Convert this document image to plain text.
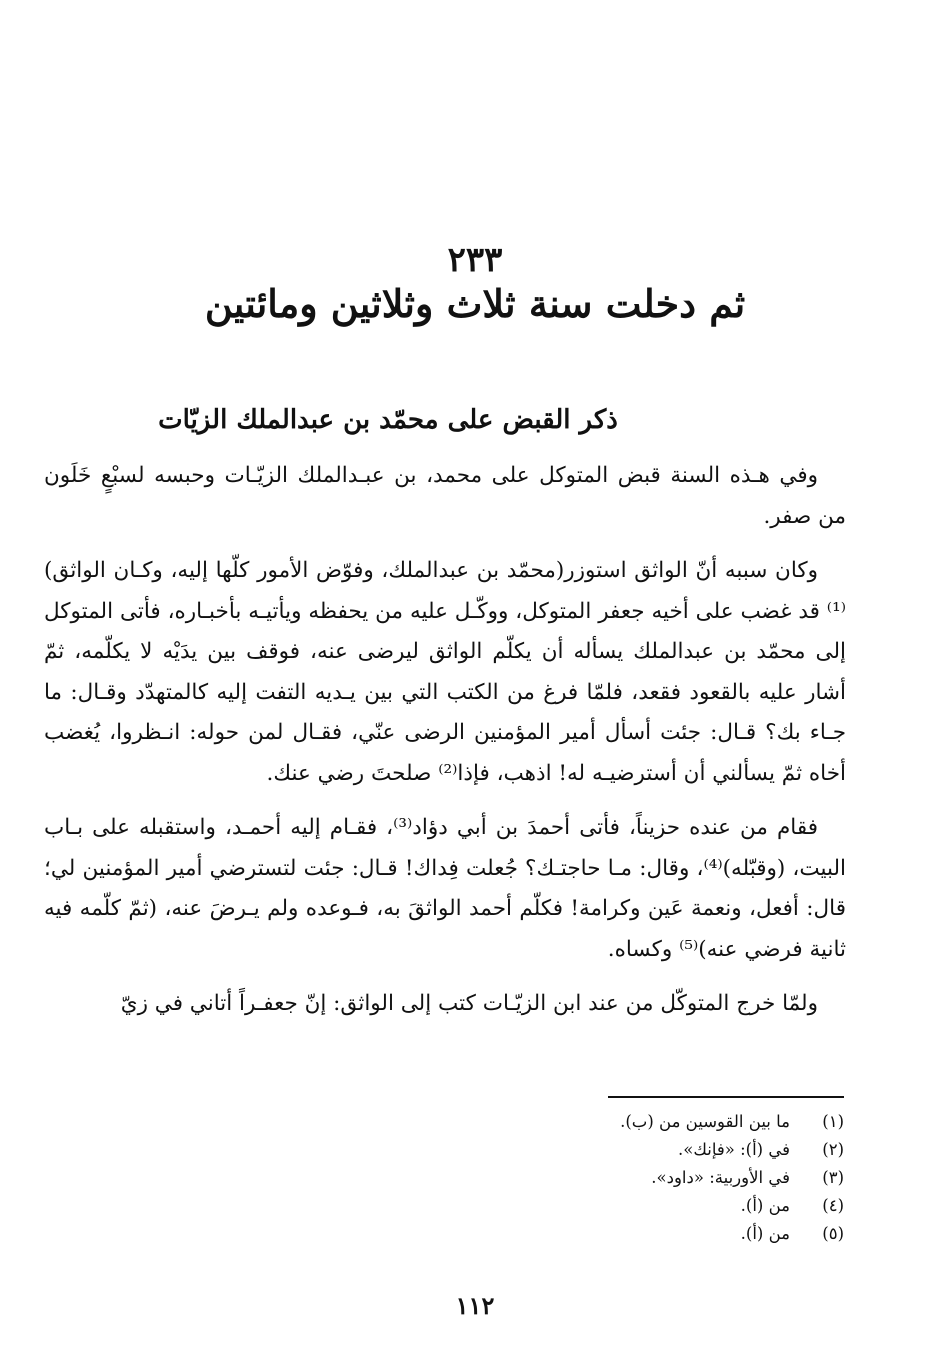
٢٣٣
ثم دخلت سنة ثلاث وثلاثين ومائتين
ذكر القبض على محمّد بن عبدالملك الزيّات

وفي هـذه السنة قبض المتوكل على محمد، بن عبـدالملك الزيّـات وحبسه لسبْعٍ خَلَون من صفر.

وكان سببه أنّ الواثق استوزر(محمّد بن عبدالملك، وفوّض الأمور كلّها إليه، وكـان الواثق)⁽¹⁾ قد غضب على أخيه جعفر المتوكل، ووكّـل عليه من يحفظه ويأتيـه بأخبـاره، فأتى المتوكل إلى محمّد بن عبدالملك يسأله أن يكلّم الواثق ليرضى عنه، فوقف بين يدَيْه لا يكلّمه، ثمّ أشار عليه بالقعود فقعد، فلمّا فرغ من الكتب التي بين يـديه التفت إليه كالمتهدّد وقـال: ما جـاء بك؟ قـال: جئت أسأل أمير المؤمنين الرضى عنّي، فقـال لمن حوله: انـظروا، يُغضب أخاه ثمّ يسألني أن أسترضيـه له! اذهب، فإذا⁽²⁾ صلحتَ رضي عنك.

فقام من عنده حزيناً، فأتى أحمدَ بن أبي دؤاد⁽³⁾، فقـام إليه أحمـد، واستقبله على بـاب البيت، (وقبّله)⁽⁴⁾، وقال: مـا حاجتـك؟ جُعلت فِداك! قـال: جئت لتسترضي أمير المؤمنين لي؛ قال: أفعل، ونعمة عَين وكرامة! فكلّم أحمد الواثقَ به، فـوعده ولم يـرضَ عنه، (ثمّ كلّمه فيه ثانية فرضي عنه)⁽⁵⁾ وكساه.

ولمّا خرج المتوكّل من عند ابن الزيّـات كتب إلى الواثق: إنّ جعفـراً أتاني في زيّ

(١)
ما بين القوسين من (ب).
(٢)
في (أ): «فإنك».
(٣)
في الأوربية: «داود».
(٤)
من (أ).
(٥)
من (أ).
١١٢
